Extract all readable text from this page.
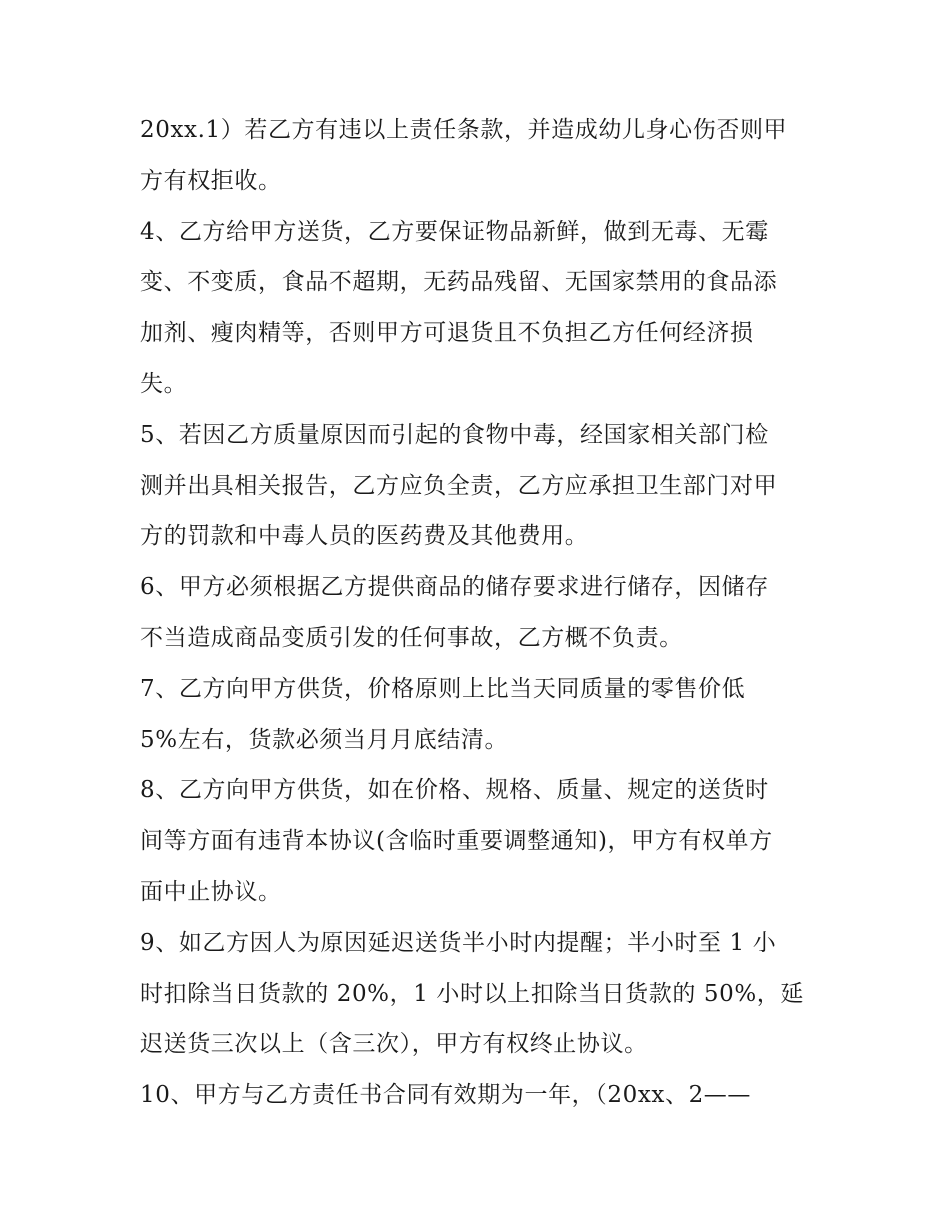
20xx.1）若乙方有违以上责任条款，并造成幼儿身心伤否则甲
方有权拒收。
4、乙方给甲方送货，乙方要保证物品新鲜，做到无毒、无霉
变、不变质，食品不超期，无药品残留、无国家禁用的食品添
加剂、瘦肉精等，否则甲方可退货且不负担乙方任何经济损
失。
5、若因乙方质量原因而引起的食物中毒，经国家相关部门检
测并出具相关报告，乙方应负全责，乙方应承担卫生部门对甲
方的罚款和中毒人员的医药费及其他费用。
6、甲方必须根据乙方提供商品的储存要求进行储存，因储存
不当造成商品变质引发的任何事故，乙方概不负责。
7、乙方向甲方供货，价格原则上比当天同质量的零售价低
5%左右，货款必须当月月底结清。
8、乙方向甲方供货，如在价格、规格、质量、规定的送货时
间等方面有违背本协议(含临时重要调整通知)，甲方有权单方
面中止协议。
9、如乙方因人为原因延迟送货半小时内提醒；半小时至 1 小
时扣除当日货款的 20%，1 小时以上扣除当日货款的 50%，延
迟送货三次以上（含三次），甲方有权终止协议。
10、甲方与乙方责任书合同有效期为一年，（20xx、2——
